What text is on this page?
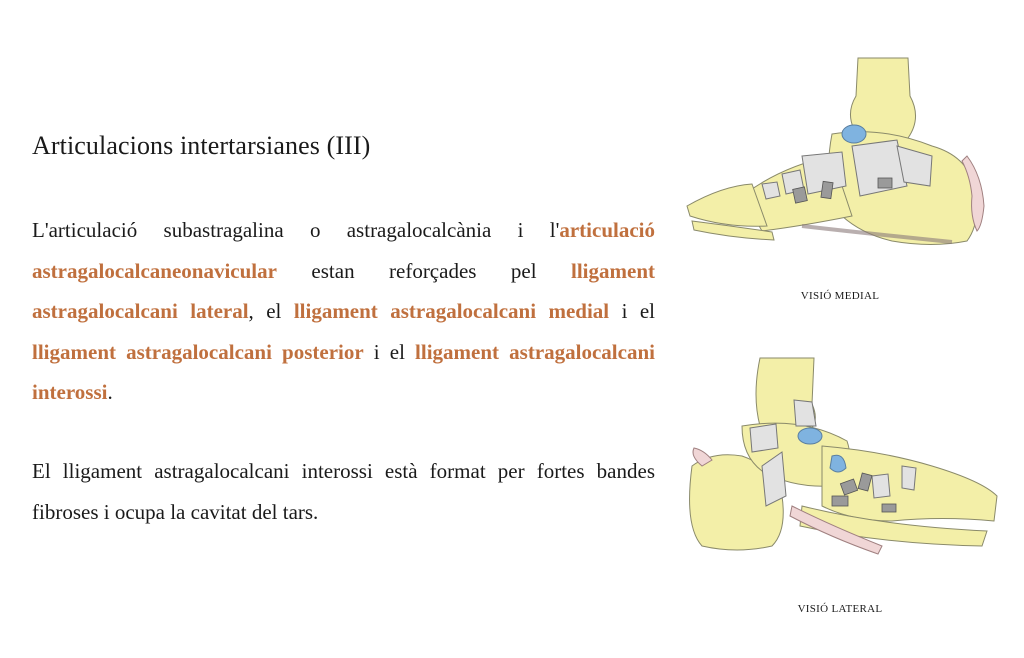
Articulacions intertarsianes (III)

L'articulació subastragalina o astragalocalcània i l'articulació astragalocalcaneonavicular estan reforçades pel lligament astragalocalcani lateral, el lligament astragalocalcani medial i el lligament astragalocalcani posterior i el lligament astragalocalcani interossi.

El lligament astragalocalcani interossi està format per fortes bandes fibroses i ocupa la cavitat del tars.

VISIÓ MEDIAL
VISIÓ LATERAL
